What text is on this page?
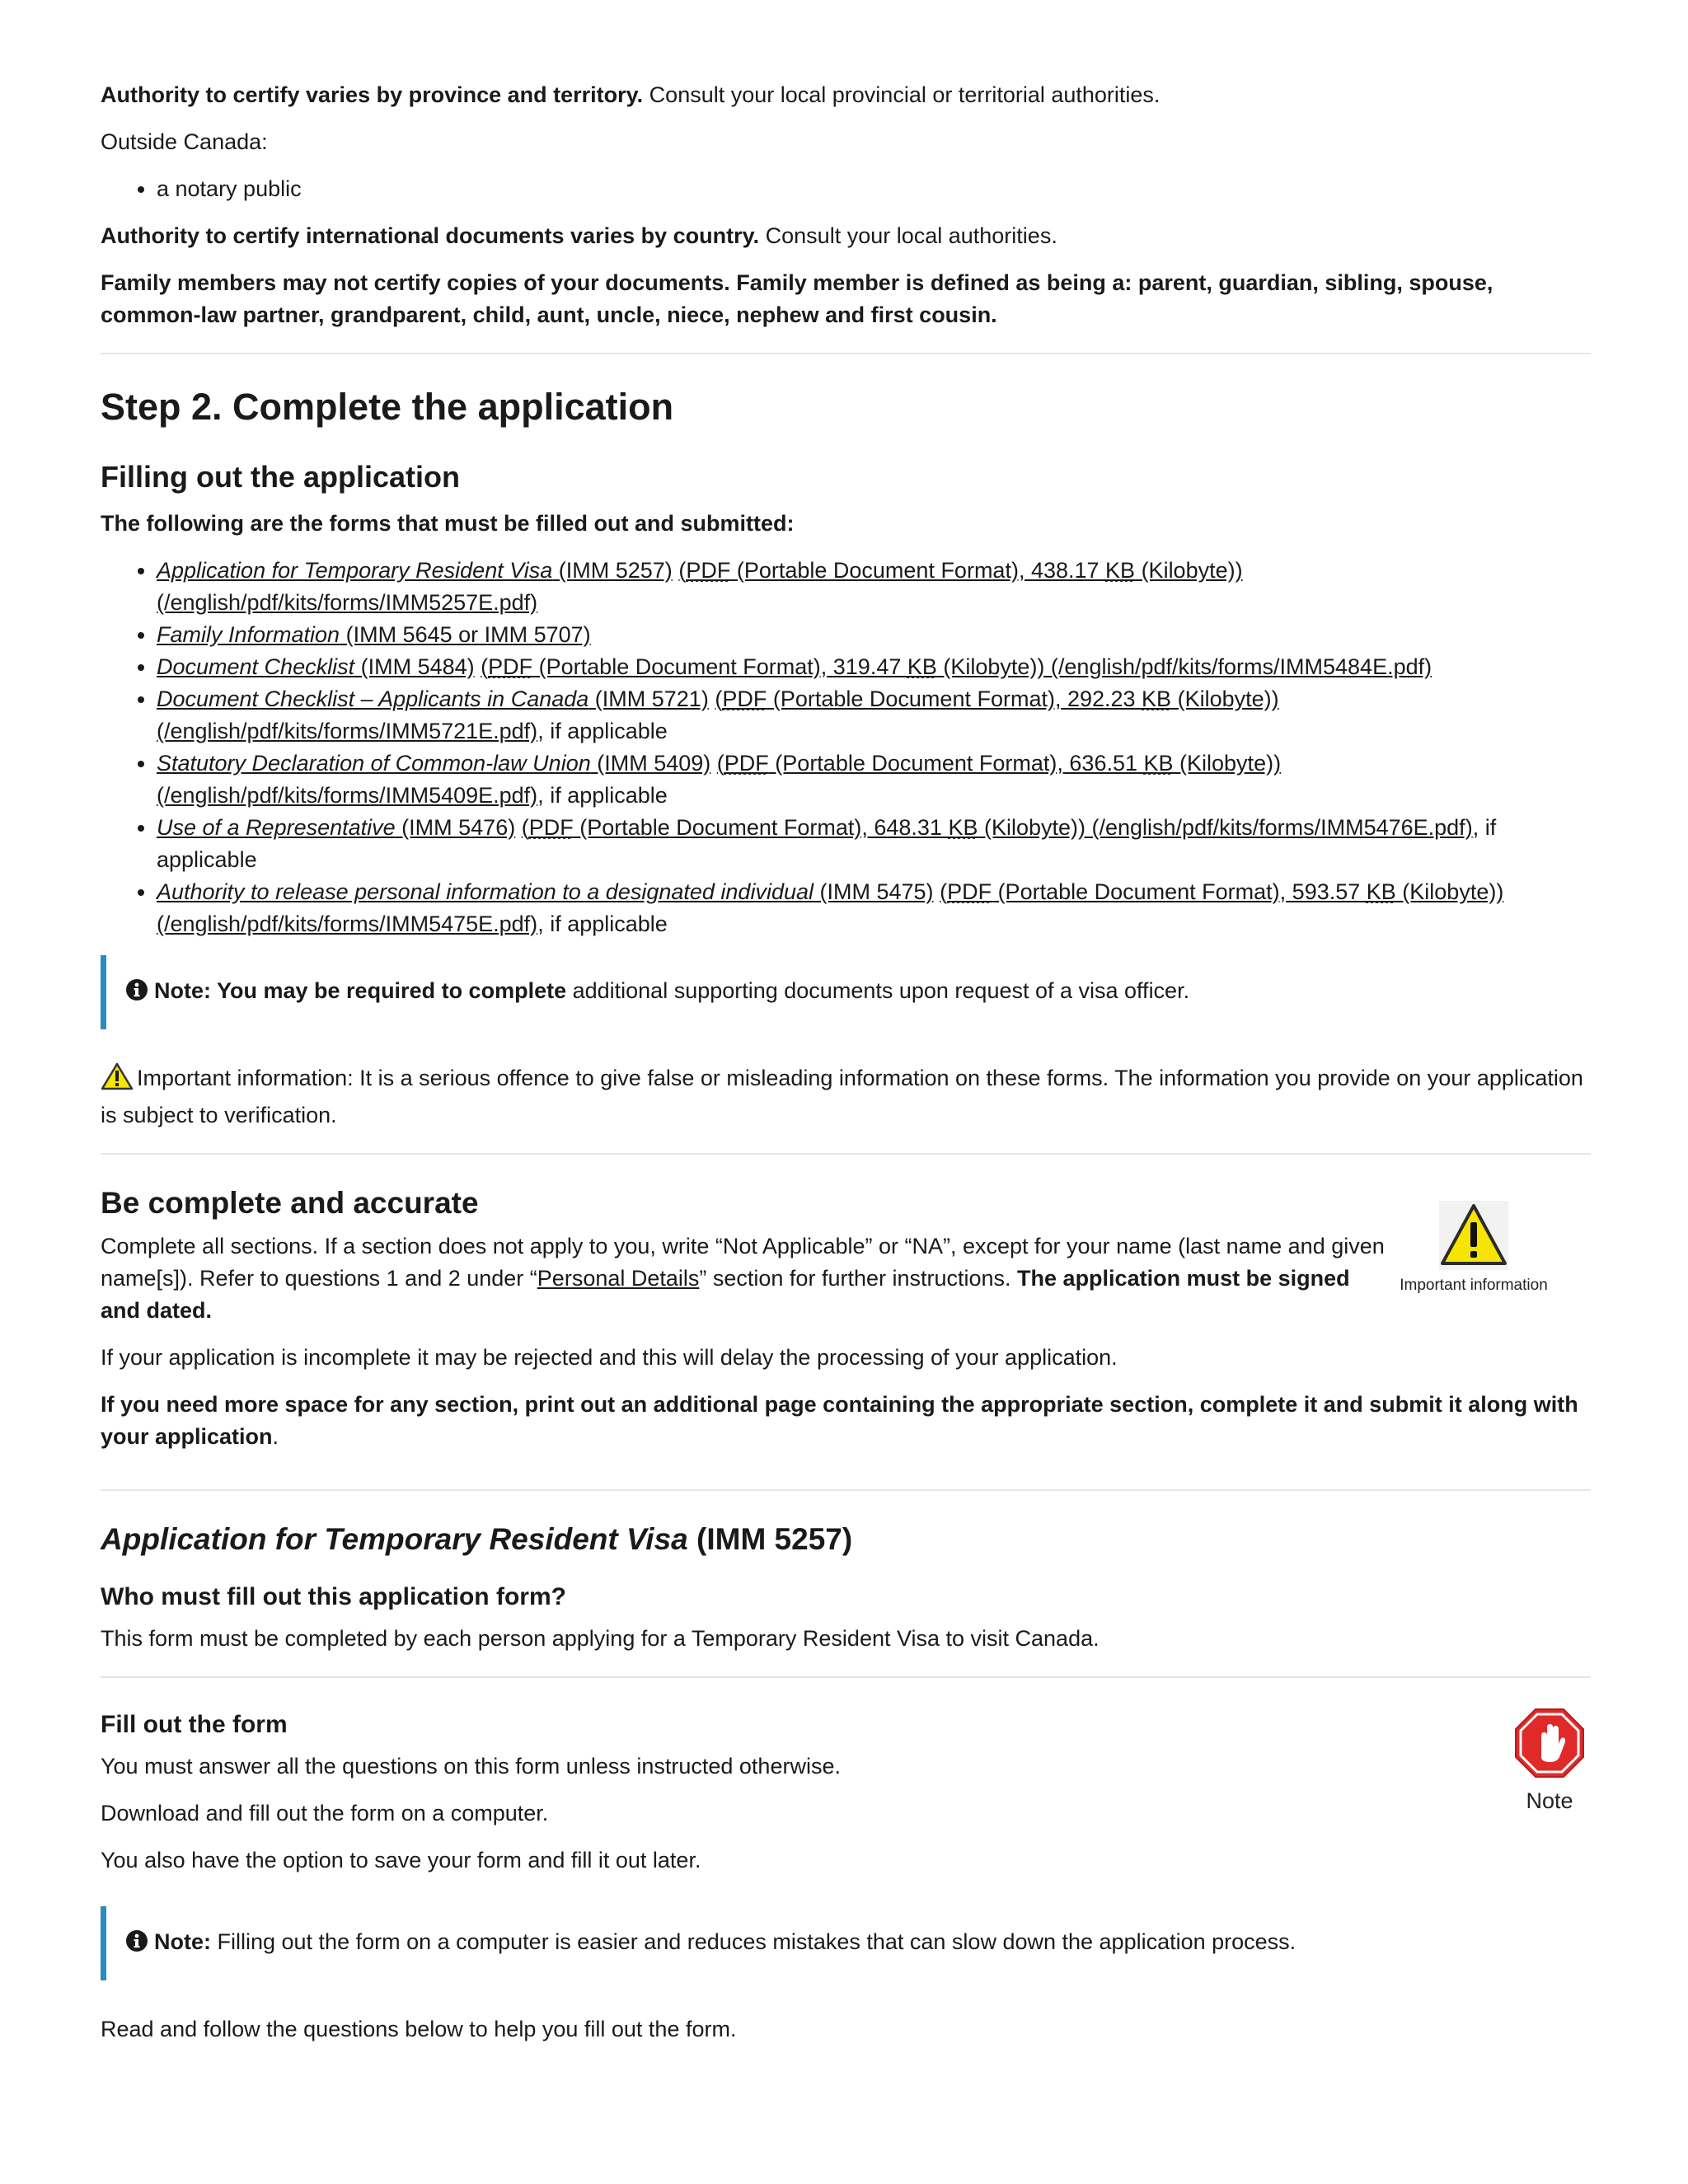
Authority to certify varies by province and territory. Consult your local provincial or territorial authorities.

Outside Canada:

• a notary public

Authority to certify international documents varies by country. Consult your local authorities.

Family members may not certify copies of your documents. Family member is defined as being a: parent, guardian, sibling, spouse, common-law partner, grandparent, child, aunt, uncle, niece, nephew and first cousin.

Step 2. Complete the application
Filling out the application

The following are the forms that must be filled out and submitted:

• Application for Temporary Resident Visa (IMM 5257) (PDF (Portable Document Format), 438.17 KB (Kilobyte)) (/english/pdf/kits/forms/IMM5257E.pdf)
• Family Information (IMM 5645 or IMM 5707)
• Document Checklist (IMM 5484) (PDF (Portable Document Format), 319.47 KB (Kilobyte)) (/english/pdf/kits/forms/IMM5484E.pdf)
• Document Checklist – Applicants in Canada (IMM 5721) (PDF (Portable Document Format), 292.23 KB (Kilobyte)) (/english/pdf/kits/forms/IMM5721E.pdf), if applicable
• Statutory Declaration of Common-law Union (IMM 5409) (PDF (Portable Document Format), 636.51 KB (Kilobyte)) (/english/pdf/kits/forms/IMM5409E.pdf), if applicable
• Use of a Representative (IMM 5476) (PDF (Portable Document Format), 648.31 KB (Kilobyte)) (/english/pdf/kits/forms/IMM5476E.pdf), if applicable
• Authority to release personal information to a designated individual (IMM 5475) (PDF (Portable Document Format), 593.57 KB (Kilobyte)) (/english/pdf/kits/forms/IMM5475E.pdf), if applicable
Note: You may be required to complete additional supporting documents upon request of a visa officer.

Important information: It is a serious offence to give false or misleading information on these forms. The information you provide on your application is subject to verification.

Be complete and accurate
Important information

Complete all sections. If a section does not apply to you, write “Not Applicable” or “NA”, except for your name (last name and given name[s]). Refer to questions 1 and 2 under “Personal Details” section for further instructions. The application must be signed and dated.

If your application is incomplete it may be rejected and this will delay the processing of your application.

If you need more space for any section, print out an additional page containing the appropriate section, complete it and submit it along with your application.

Application for Temporary Resident Visa (IMM 5257)
Who must fill out this application form?

This form must be completed by each person applying for a Temporary Resident Visa to visit Canada.

Note
Fill out the form

You must answer all the questions on this form unless instructed otherwise.

Download and fill out the form on a computer.

You also have the option to save your form and fill it out later.

Note: Filling out the form on a computer is easier and reduces mistakes that can slow down the application process.

Read and follow the questions below to help you fill out the form.
